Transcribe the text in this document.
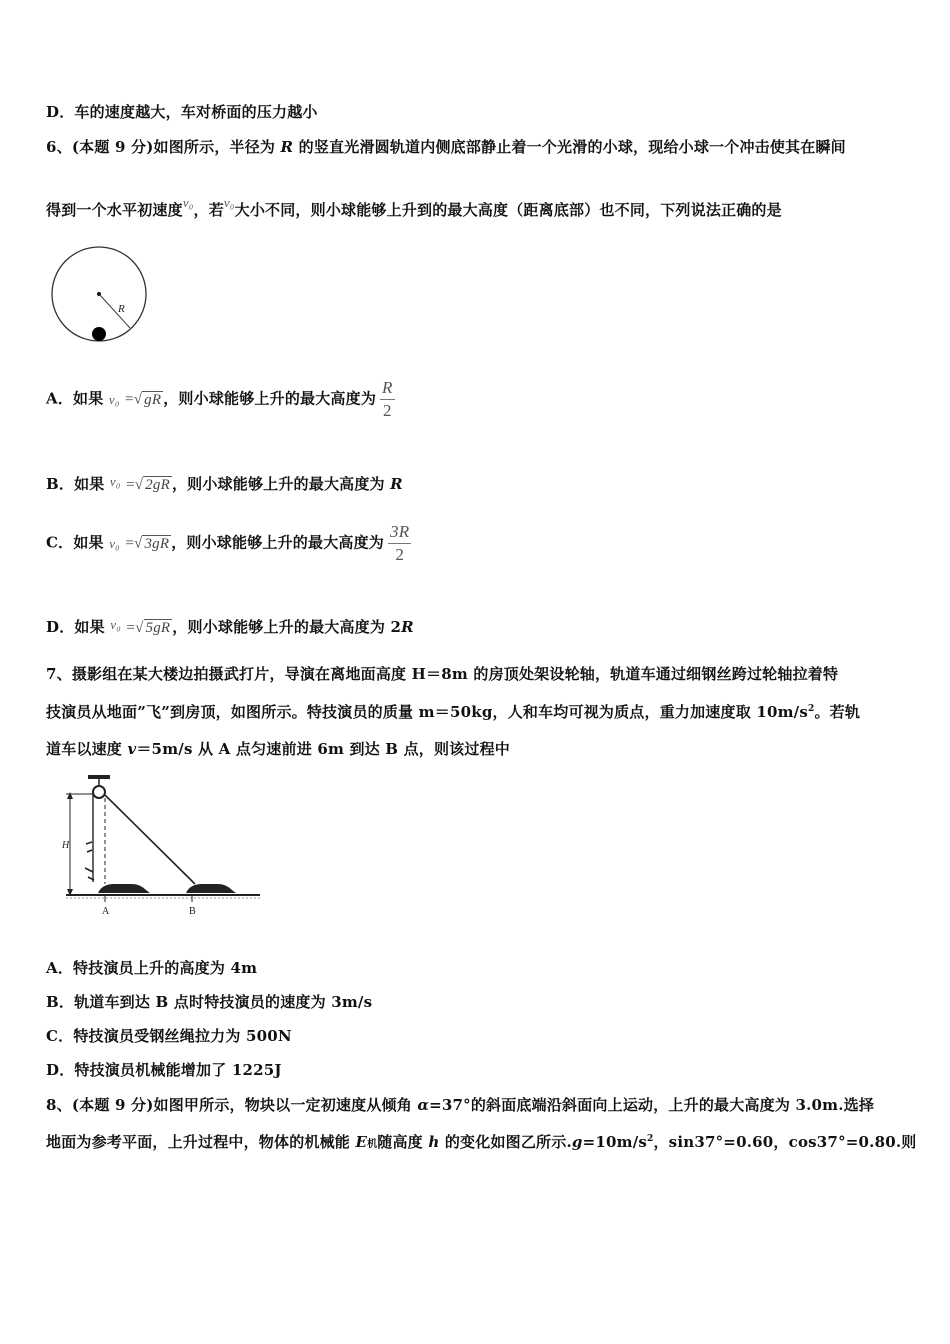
D．车的速度越大，车对桥面的压力越小
6、(本题 9 分)如图所示，半径为 R 的竖直光滑圆轨道内侧底部静止着一个光滑的小球，现给小球一个冲击使其在瞬间
得到一个水平初速度v₀，若v₀大小不同，则小球能够上升到的最大高度（距离底部）也不同，下列说法正确的是
R
A．如果 v₀ =√ gR ，则小球能够上升的最大高度为 $\frac{R}{2}$
B．如果 v₀ =√ 2gR ，则小球能够上升的最大高度为 R
C．如果 v₀ =√ 3gR ，则小球能够上升的最大高度为 $\frac{3R}{2}$
D．如果 v₀ =√ 5gR ，则小球能够上升的最大高度为 2R
7、摄影组在某大楼边拍摄武打片，导演在离地面高度 H＝8m 的房顶处架设轮轴，轨道车通过细钢丝跨过轮轴拉着特
技演员从地面”飞”到房顶，如图所示。特技演员的质量 m＝50kg，人和车均可视为质点，重力加速度取 $10m/s^2$。若轨
道车以速度 v＝5m/s 从 A 点匀速前进 6m 到达 B 点，则该过程中
H
A	B
A．特技演员上升的高度为 4m
B．轨道车到达 B 点时特技演员的速度为 3m/s
C．特技演员受钢丝绳拉力为 500N
D．特技演员机械能增加了 1225J
8、(本题 9 分)如图甲所示，物块以一定初速度从倾角 α=37°的斜面底端沿斜面向上运动，上升的最大高度为 3.0m.选择
地面为参考平面，上升过程中，物体的机械能 E机随高度 h 的变化如图乙所示$.g=10m/s^2$，sin37°=0.60，cos37°=0.80.则
